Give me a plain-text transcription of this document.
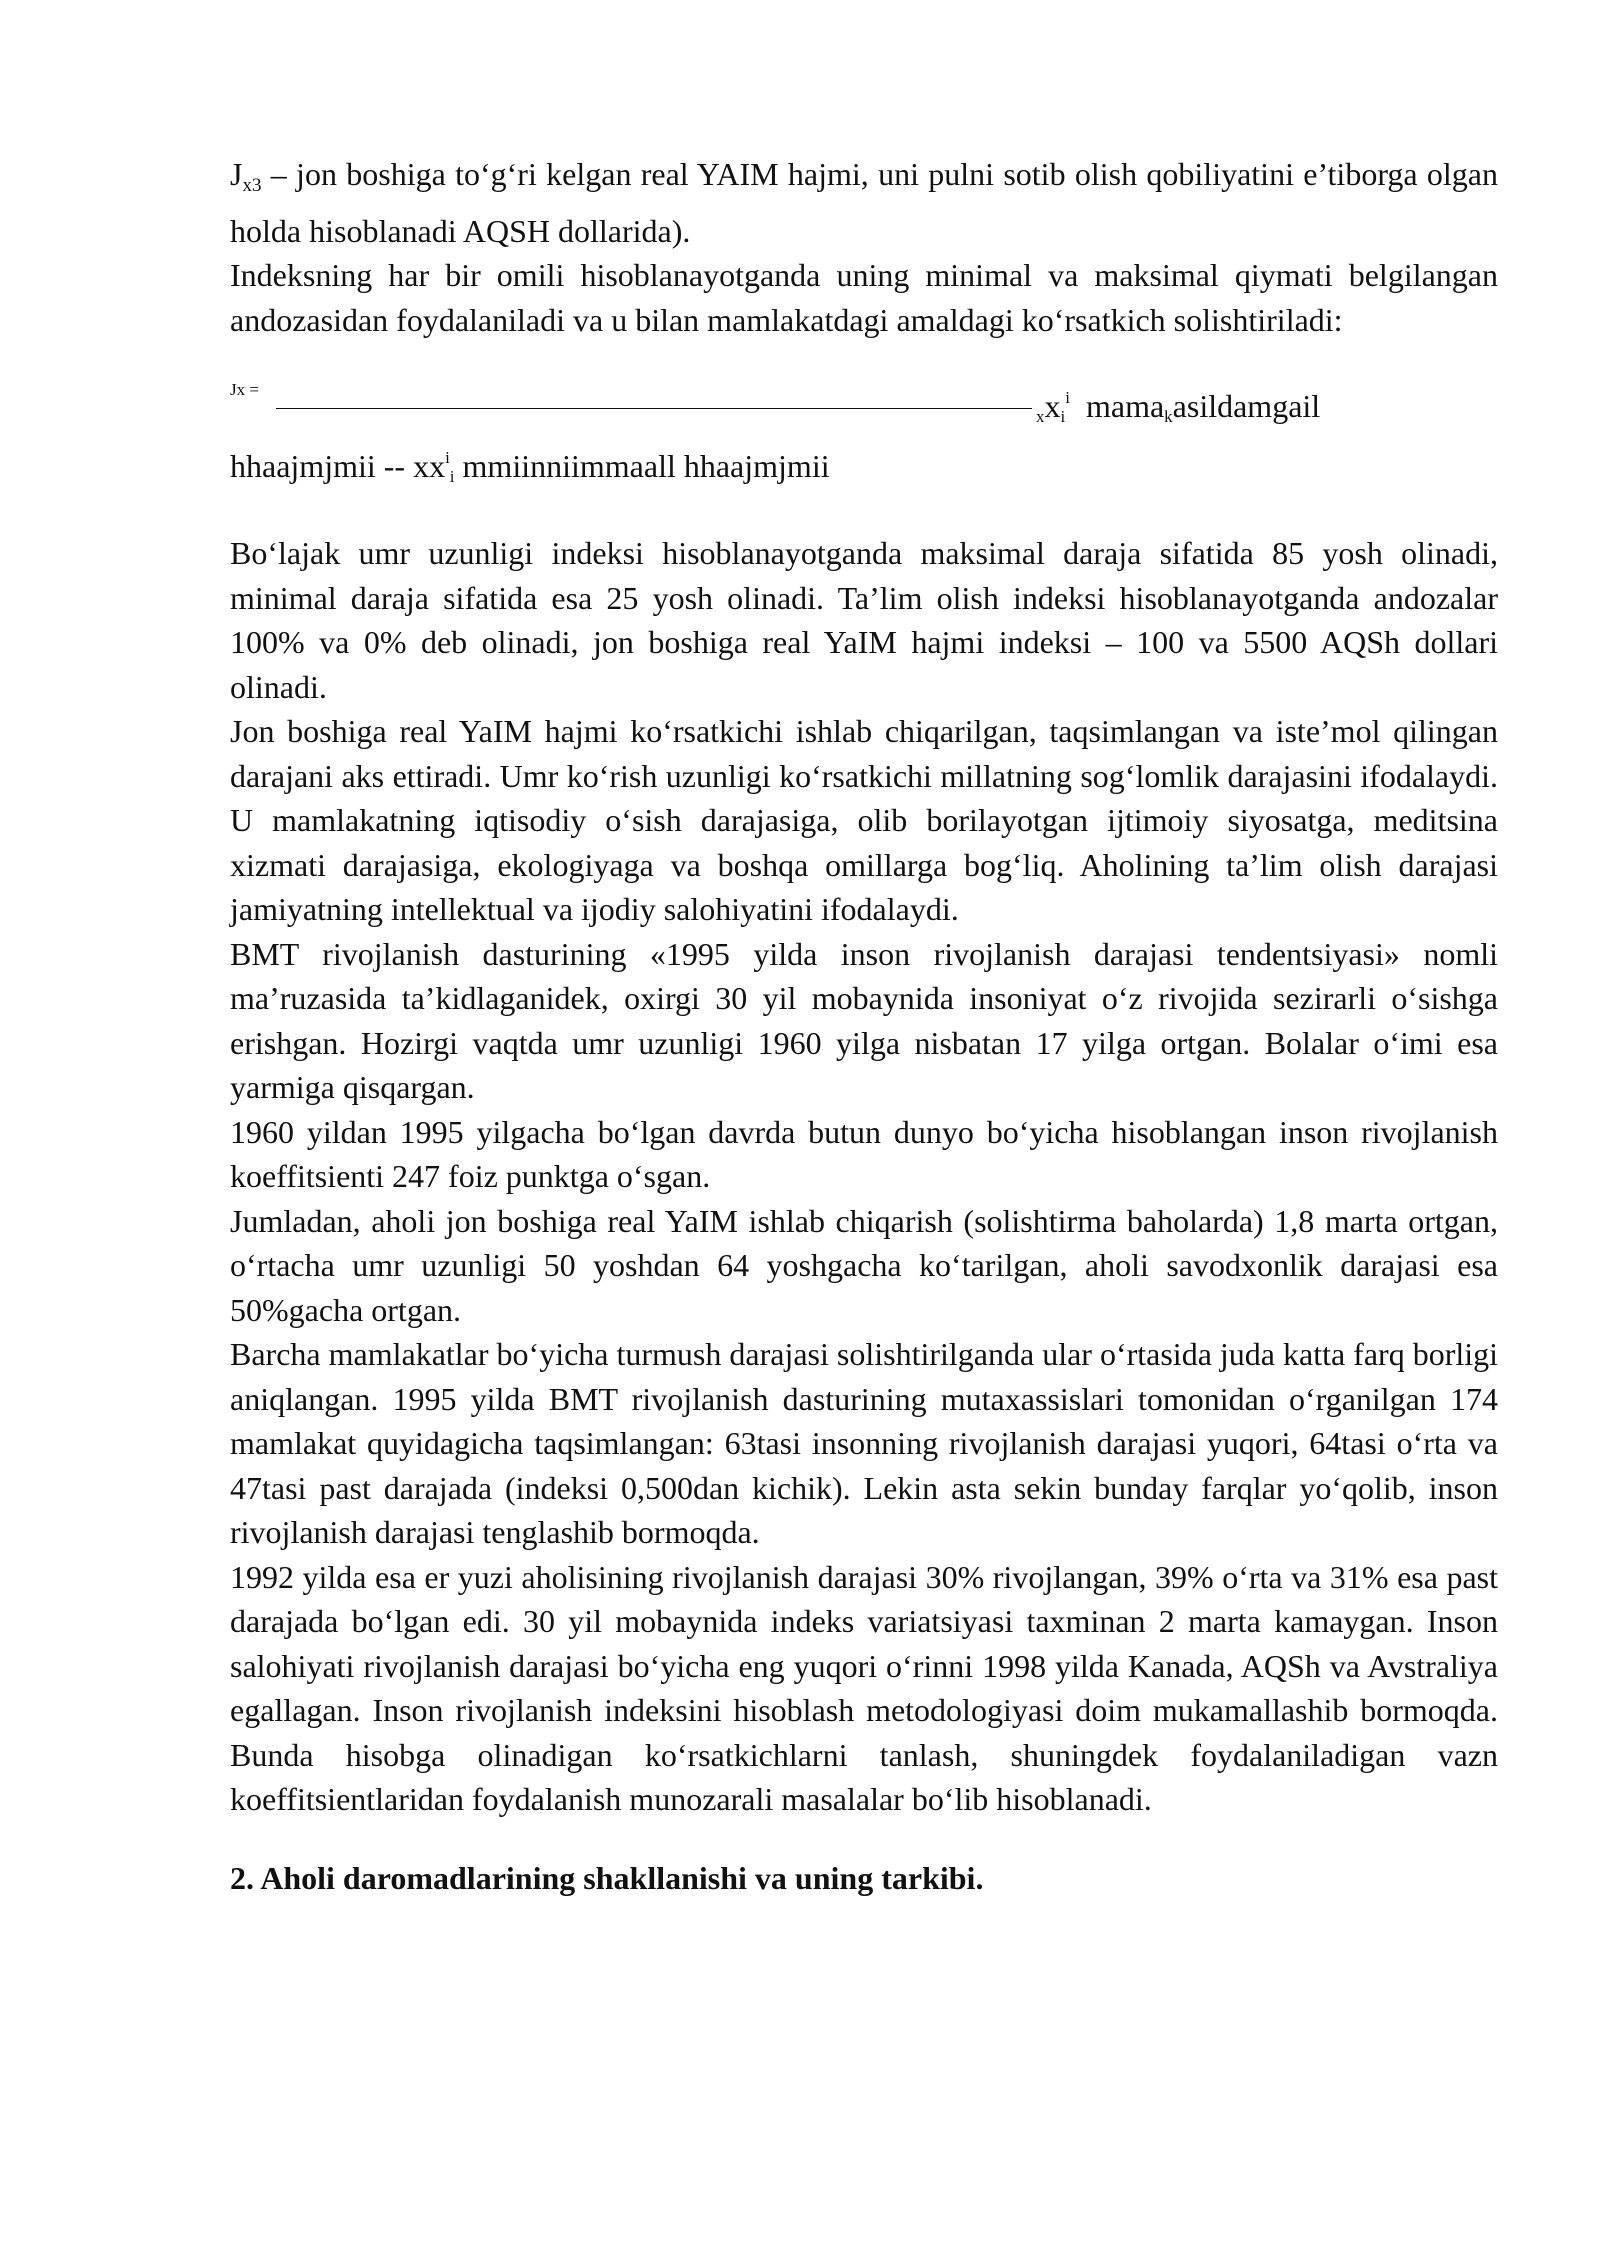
$J_{x3}$ – jon boshiga to‘g‘ri kelgan real YAIM hajmi, uni pulni sotib olish qobiliyatini e’tiborga olgan holda hisoblanadi AQSH dollarida).

Indeksning har bir omili hisoblanayotganda uning minimal va maksimal qiymati belgilangan andozasidan foydalaniladi va u bilan mamlakatdagi amaldagi ko‘rsatkich solishtiriladi:

Jx =
xxi$^i$ mamakasildamgail

hhaajmjmii -- $xx^ii$ mmiinniimmaall hhaajmjmii

Bo‘lajak umr uzunligi indeksi hisoblanayotganda maksimal daraja sifatida 85 yosh olinadi, minimal daraja sifatida esa 25 yosh olinadi. Ta’lim olish indeksi hisoblanayotganda andozalar 100% va 0% deb olinadi, jon boshiga real YaIM hajmi indeksi – 100 va 5500 AQSh dollari olinadi.

Jon boshiga real YaIM hajmi ko‘rsatkichi ishlab chiqarilgan, taqsimlangan va iste’mol qilingan darajani aks ettiradi. Umr ko‘rish uzunligi ko‘rsatkichi millatning sog‘lomlik darajasini ifodalaydi. U mamlakatning iqtisodiy o‘sish darajasiga, olib borilayotgan ijtimoiy siyosatga, meditsina xizmati darajasiga, ekologiyaga va boshqa omillarga bog‘liq. Aholining ta’lim olish darajasi jamiyatning intellektual va ijodiy salohiyatini ifodalaydi.

BMT rivojlanish dasturining «1995 yilda inson rivojlanish darajasi tendentsiyasi» nomli ma’ruzasida ta’kidlaganidek, oxirgi 30 yil mobaynida insoniyat o‘z rivojida sezirarli o‘sishga erishgan. Hozirgi vaqtda umr uzunligi 1960 yilga nisbatan 17 yilga ortgan. Bolalar o‘imi esa yarmiga qisqargan.

1960 yildan 1995 yilgacha bo‘lgan davrda butun dunyo bo‘yicha hisoblangan inson rivojlanish koeffitsienti 247 foiz punktga o‘sgan.

Jumladan, aholi jon boshiga real YaIM ishlab chiqarish (solishtirma baholarda) 1,8 marta ortgan, o‘rtacha umr uzunligi 50 yoshdan 64 yoshgacha ko‘tarilgan, aholi savodxonlik darajasi esa 50%gacha ortgan.

Barcha mamlakatlar bo‘yicha turmush darajasi solishtirilganda ular o‘rtasida juda katta farq borligi aniqlangan. 1995 yilda BMT rivojlanish dasturining mutaxassislari tomonidan o‘rganilgan 174 mamlakat quyidagicha taqsimlangan: 63tasi insonning rivojlanish darajasi yuqori, 64tasi o‘rta va 47tasi past darajada (indeksi 0,500dan kichik). Lekin asta sekin bunday farqlar yo‘qolib, inson rivojlanish darajasi tenglashib bormoqda.

1992 yilda esa er yuzi aholisining rivojlanish darajasi 30% rivojlangan, 39% o‘rta va 31% esa past darajada bo‘lgan edi. 30 yil mobaynida indeks variatsiyasi taxminan 2 marta kamaygan. Inson salohiyati rivojlanish darajasi bo‘yicha eng yuqori o‘rinni 1998 yilda Kanada, AQSh va Avstraliya egallagan. Inson rivojlanish indeksini hisoblash metodologiyasi doim mukamallashib bormoqda. Bunda hisobga olinadigan ko‘rsatkichlarni tanlash, shuningdek foydalaniladigan vazn koeffitsientlaridan foydalanish munozarali masalalar bo‘lib hisoblanadi.

2. Aholi daromadlarining shakllanishi va uning tarkibi.
